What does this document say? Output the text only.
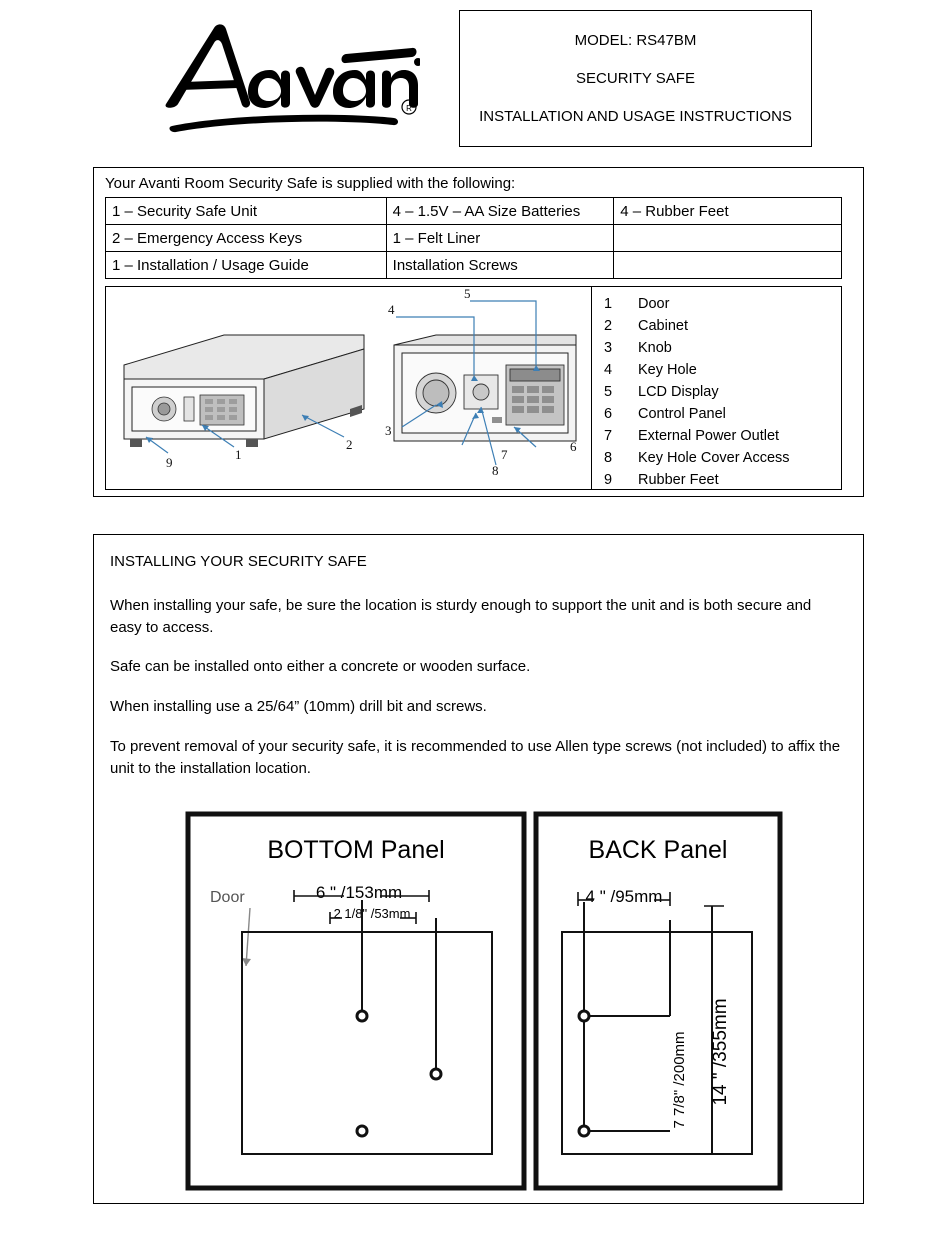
R
MODEL: RS47BM
SECURITY SAFE
INSTALLATION AND USAGE INSTRUCTIONS
Your Avanti Room Security Safe is supplied with the following:
1 – Security Safe Unit	4 – 1.5V – AA Size Batteries	4 – Rubber Feet
2 – Emergency Access Keys	1 – Felt Liner	
1 – Installation / Usage Guide	Installation Screws	
9
1
2
3
4
5
6
7
8
1	Door
2	Cabinet
3	Knob
4	Key Hole
5	LCD Display
6	Control Panel
7	External Power Outlet
8	Key Hole Cover Access
9	Rubber Feet

INSTALLING YOUR SECURITY SAFE

When installing your safe, be sure the location is sturdy enough to support the unit and is both secure and easy to access.

Safe can be installed onto either a concrete or wooden surface.

When installing use a 25/64” (10mm) drill bit and screws.

To prevent removal of your security safe, it is recommended to use Allen type screws (not included) to affix the unit to the installation location.

BOTTOM Panel
Door	6 " /153mm
2 1/8" /53mm
BACK Panel
4 " /95mm
7 7/8" /200mm 14 " /355mm
